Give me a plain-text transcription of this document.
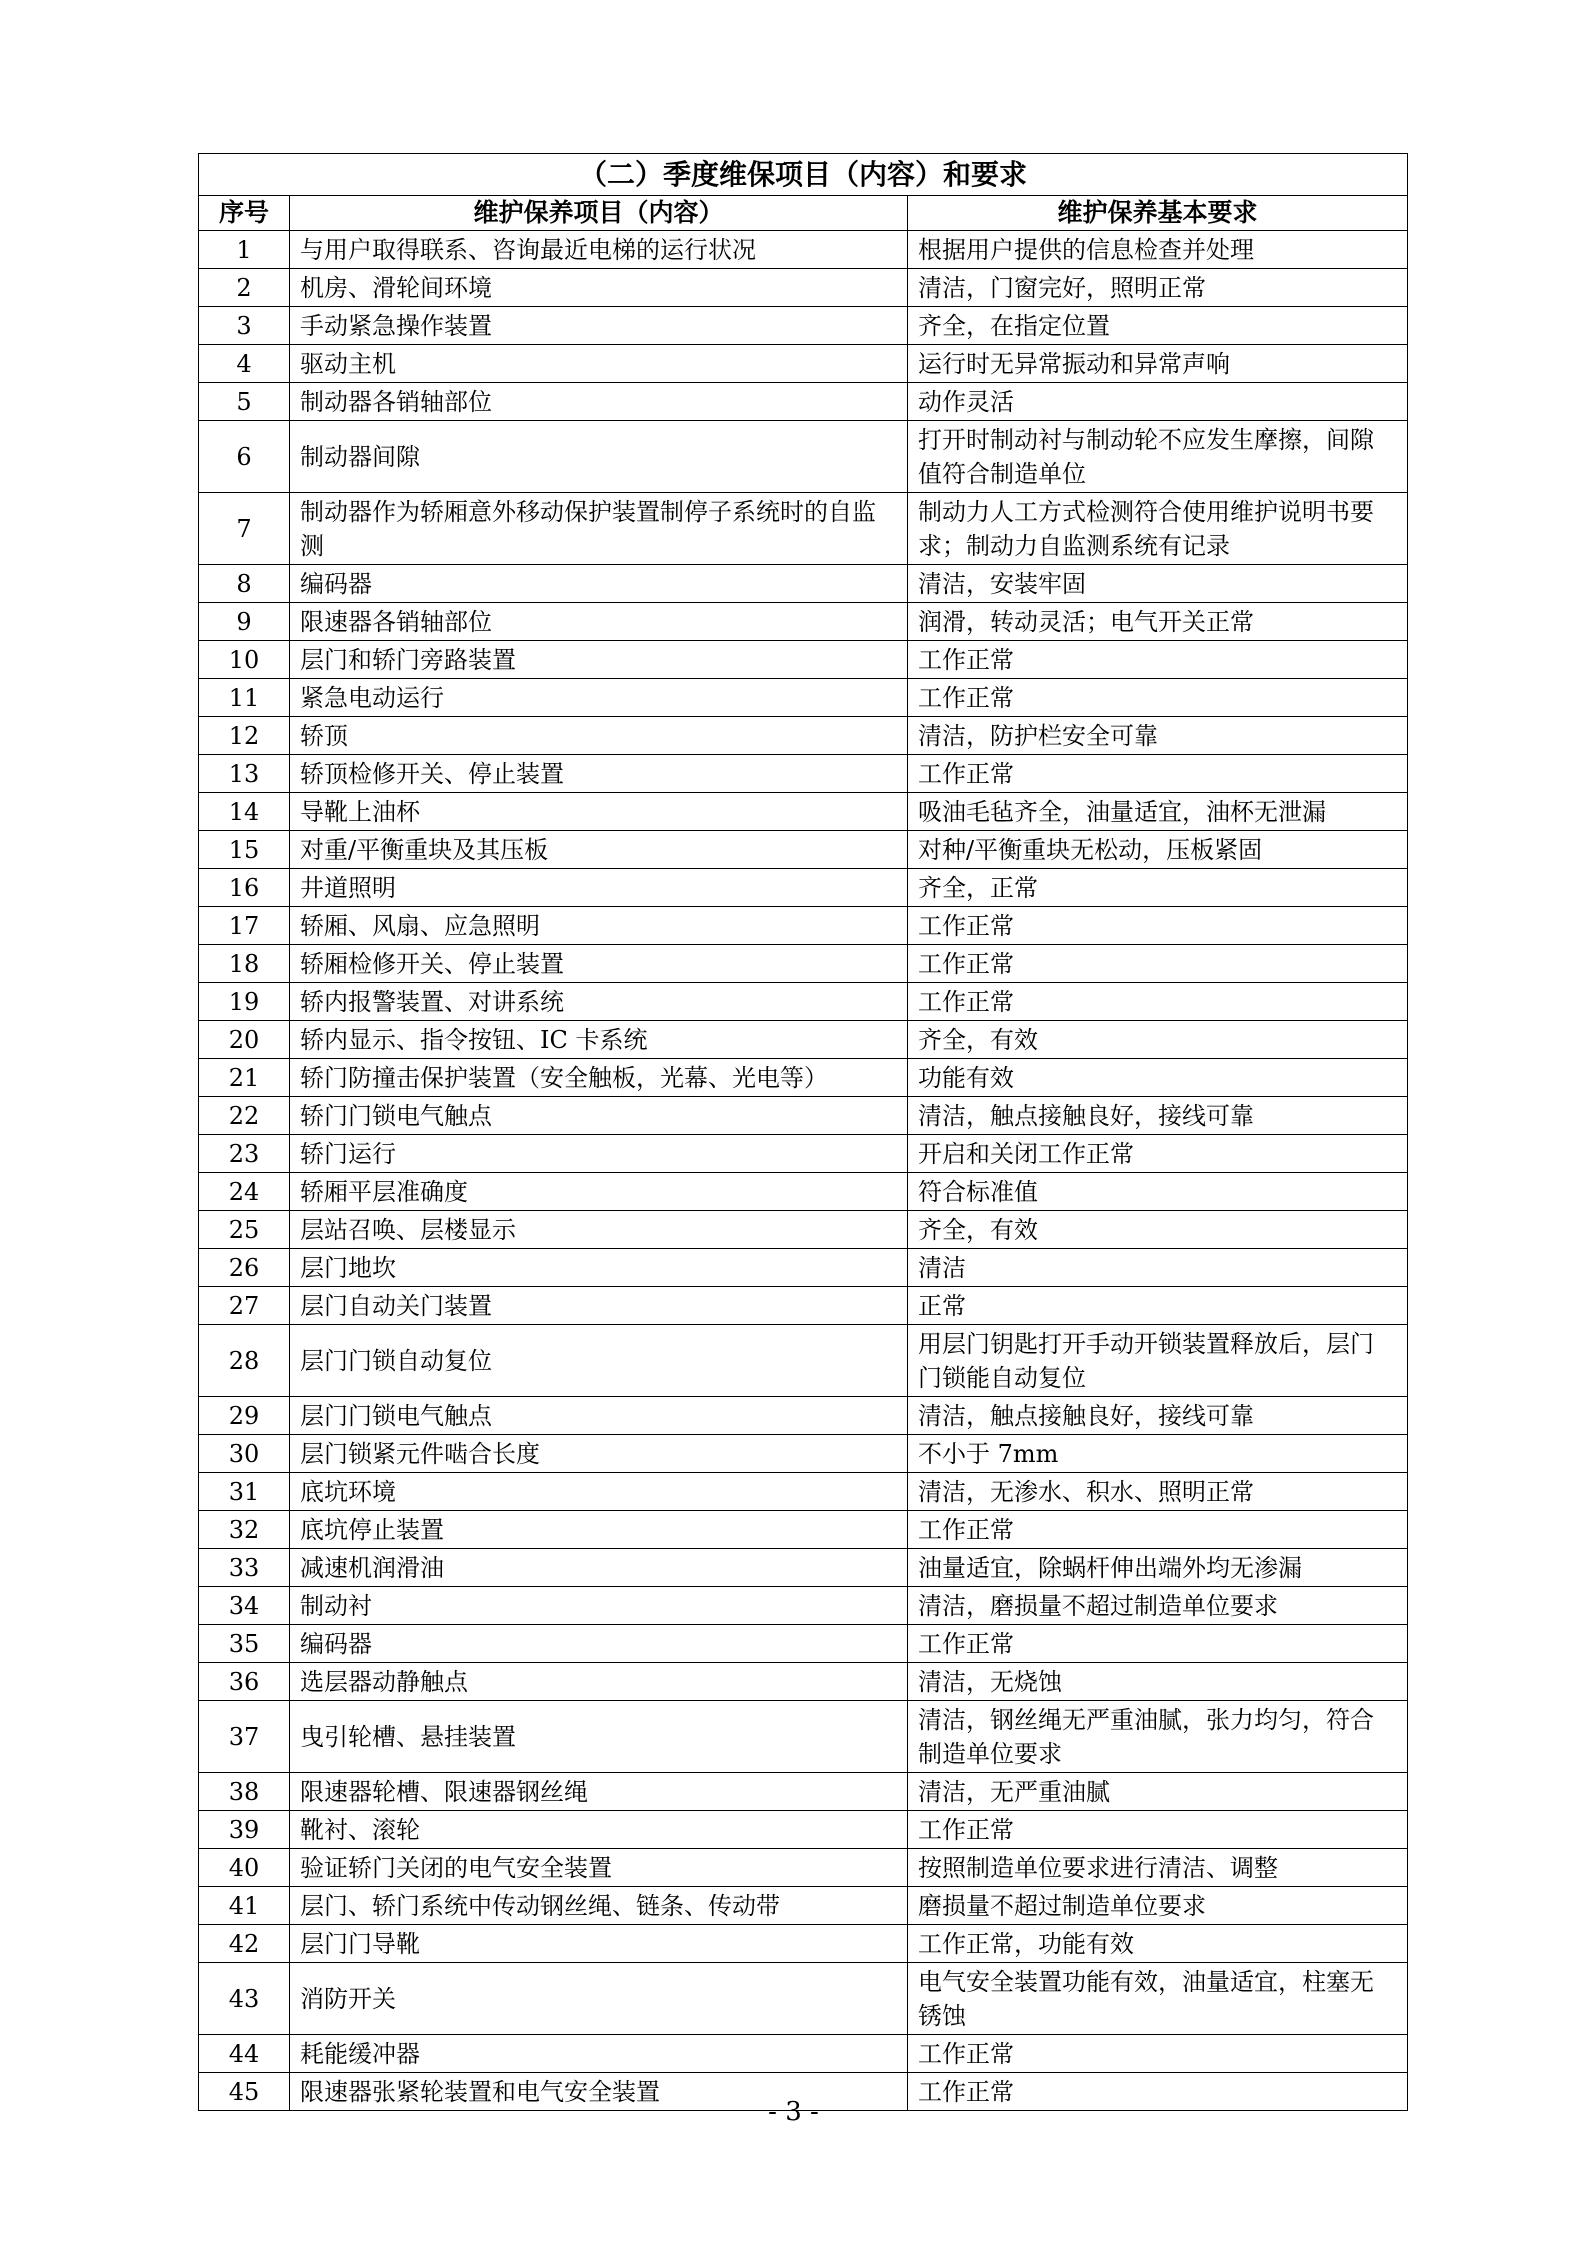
（二）季度维保项目（内容）和要求		
序号	维护保养项目（内容）	维护保养基本要求
1	与用户取得联系、咨询最近电梯的运行状况	根据用户提供的信息检查并处理
2	机房、滑轮间环境	清洁，门窗完好，照明正常
3	手动紧急操作装置	齐全，在指定位置
4	驱动主机	运行时无异常振动和异常声响
5	制动器各销轴部位	动作灵活
6	制动器间隙	打开时制动衬与制动轮不应发生摩擦，间隙值符合制造单位
7	制动器作为轿厢意外移动保护装置制停子系统时的自监测	制动力人工方式检测符合使用维护说明书要求；制动力自监测系统有记录
8	编码器	清洁，安装牢固
9	限速器各销轴部位	润滑，转动灵活；电气开关正常
10	层门和轿门旁路装置	工作正常
11	紧急电动运行	工作正常
12	轿顶	清洁，防护栏安全可靠
13	轿顶检修开关、停止装置	工作正常
14	导靴上油杯	吸油毛毡齐全，油量适宜，油杯无泄漏
15	对重/平衡重块及其压板	对种/平衡重块无松动，压板紧固
16	井道照明	齐全，正常
17	轿厢、风扇、应急照明	工作正常
18	轿厢检修开关、停止装置	工作正常
19	轿内报警装置、对讲系统	工作正常
20	轿内显示、指令按钮、IC 卡系统	齐全，有效
21	轿门防撞击保护装置（安全触板，光幕、光电等）	功能有效
22	轿门门锁电气触点	清洁，触点接触良好，接线可靠
23	轿门运行	开启和关闭工作正常
24	轿厢平层准确度	符合标准值
25	层站召唤、层楼显示	齐全，有效
26	层门地坎	清洁
27	层门自动关门装置	正常
28	层门门锁自动复位	用层门钥匙打开手动开锁装置释放后，层门门锁能自动复位
29	层门门锁电气触点	清洁，触点接触良好，接线可靠
30	层门锁紧元件啮合长度	不小于 7mm
31	底坑环境	清洁，无渗水、积水、照明正常
32	底坑停止装置	工作正常
33	减速机润滑油	油量适宜，除蜗杆伸出端外均无渗漏
34	制动衬	清洁，磨损量不超过制造单位要求
35	编码器	工作正常
36	选层器动静触点	清洁，无烧蚀
37	曳引轮槽、悬挂装置	清洁，钢丝绳无严重油腻，张力均匀，符合制造单位要求
38	限速器轮槽、限速器钢丝绳	清洁，无严重油腻
39	靴衬、滚轮	工作正常
40	验证轿门关闭的电气安全装置	按照制造单位要求进行清洁、调整
41	层门、轿门系统中传动钢丝绳、链条、传动带	磨损量不超过制造单位要求
42	层门门导靴	工作正常，功能有效
43	消防开关	电气安全装置功能有效，油量适宜，柱塞无锈蚀
44	耗能缓冲器	工作正常
45	限速器张紧轮装置和电气安全装置	工作正常
- 3 -
